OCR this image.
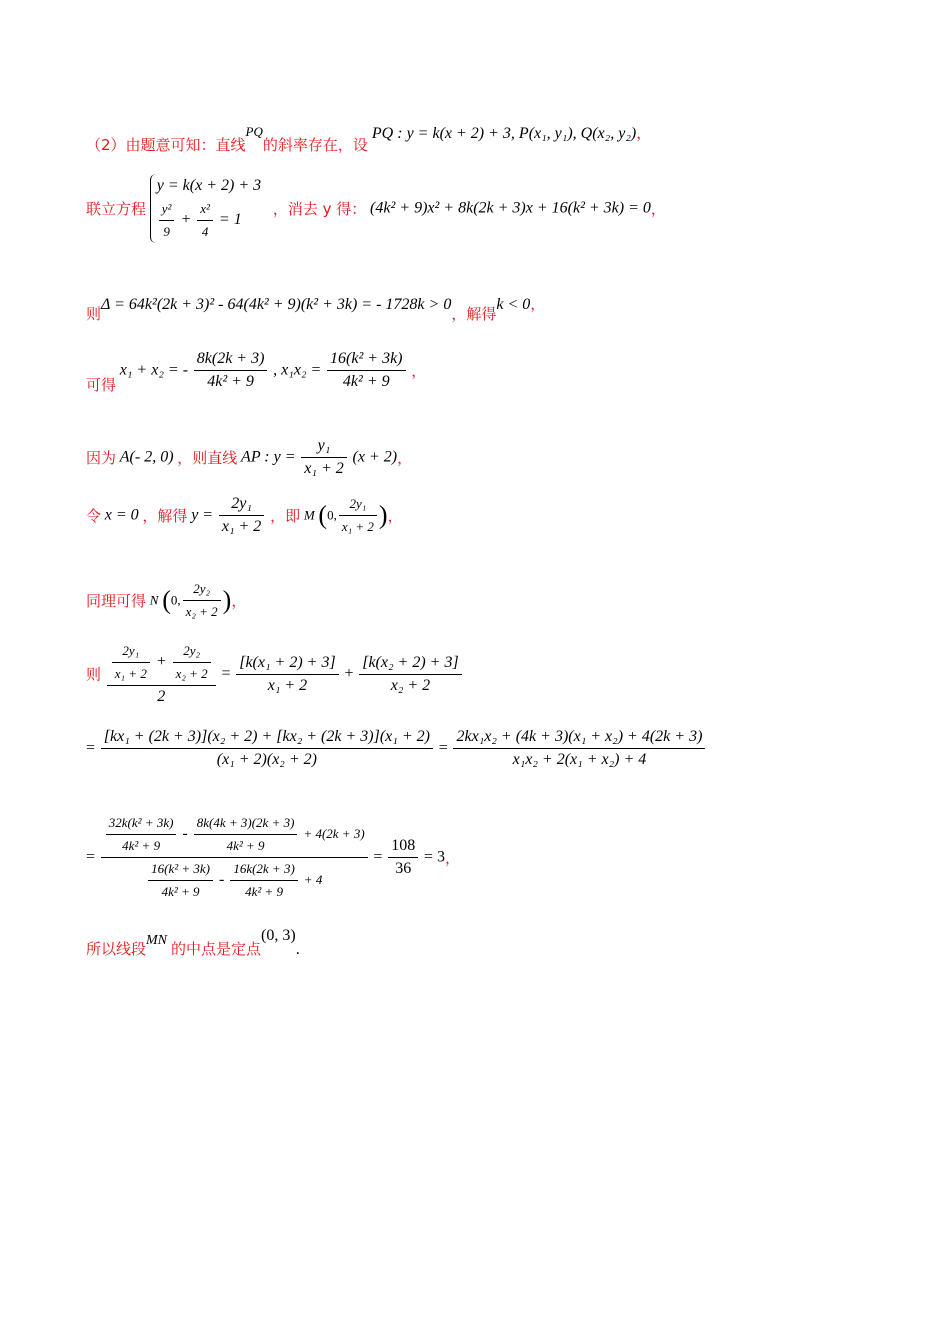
（2）由题意可知：直线PQ的斜率存在，设PQ : y = k(x + 2) + 3, P(x₁, y₁), Q(x₂, y₂)，
联立方程
y = k(x + 2) + 3
$\frac{\text{y²}}{9} + \frac{\text{x²}}{4} = 1$
，消去 y 得： (4k² + 9)x² + 8k(2k + 3)x + 16(k² + 3k) = 0，
则Δ = 64k²(2k + 3)² - 64(4k² + 9)(k² + 3k) = - 1728k > 0，解得k < 0，
可得 x₁ + x₂ = - $\frac{8k(2k + 3)}{\text{4k² + 9}}$ , $x_1x_2 = \frac{\text{16(k² + 3k)}}{\text{4k² + 9}}$ ，
因为 A(- 2, 0) ，则直线 AP : $y = \frac{\text{y₁}}{\text{x₁ + 2}} (x + 2)$，
令 x = 0 ，解得 $y = \frac{\text{2y₁}}{\text{x₁ + 2}}$ ，即 M (0, $\frac{\text{2y₁}}{\text{x₁ + 2}}$ )，
同理可得 N (0, $\frac{\text{2y₂}}{\text{x₂ + 2}}$ )，
则 $\frac{\frac{\text{2y₁}}{\text{x₁ + 2}} + \frac{\text{2y₂}}{\text{x₂ + 2}}}{2} = \frac{\text{[k(x₁ + 2) + 3]}}{\text{x₁ + 2}} + \frac{\text{[k(x₂ + 2) + 3]}}{\text{x₂ + 2}}$
= $\frac{\text{[kx₁ + (2k + 3)](x₂ + 2) + [kx₂ + (2k + 3)](x₁ + 2)}}{\text{(x₁ + 2)(x₂ + 2)}} = \frac{\text{2kx₁x₂ + (4k + 3)(x₁ + x₂) + 4(2k + 3)}}{\text{x₁x₂ + 2(x₁ + x₂) + 4}}$
= $\frac{\text{32k(k² + 3k)}}{\text{4k² + 9}} - \frac{8k(4k + 3)(2k + 3)}{\text{4k² + 9}} + 4(2k + 3)$
$\frac{\text{16(k² + 3k)}}{\text{4k² + 9}} - \frac{16k(2k + 3)}{\text{4k² + 9}} + 4$
= $\frac{108}{36} = 3$，
所以线段MN 的中点是定点(0, 3).
